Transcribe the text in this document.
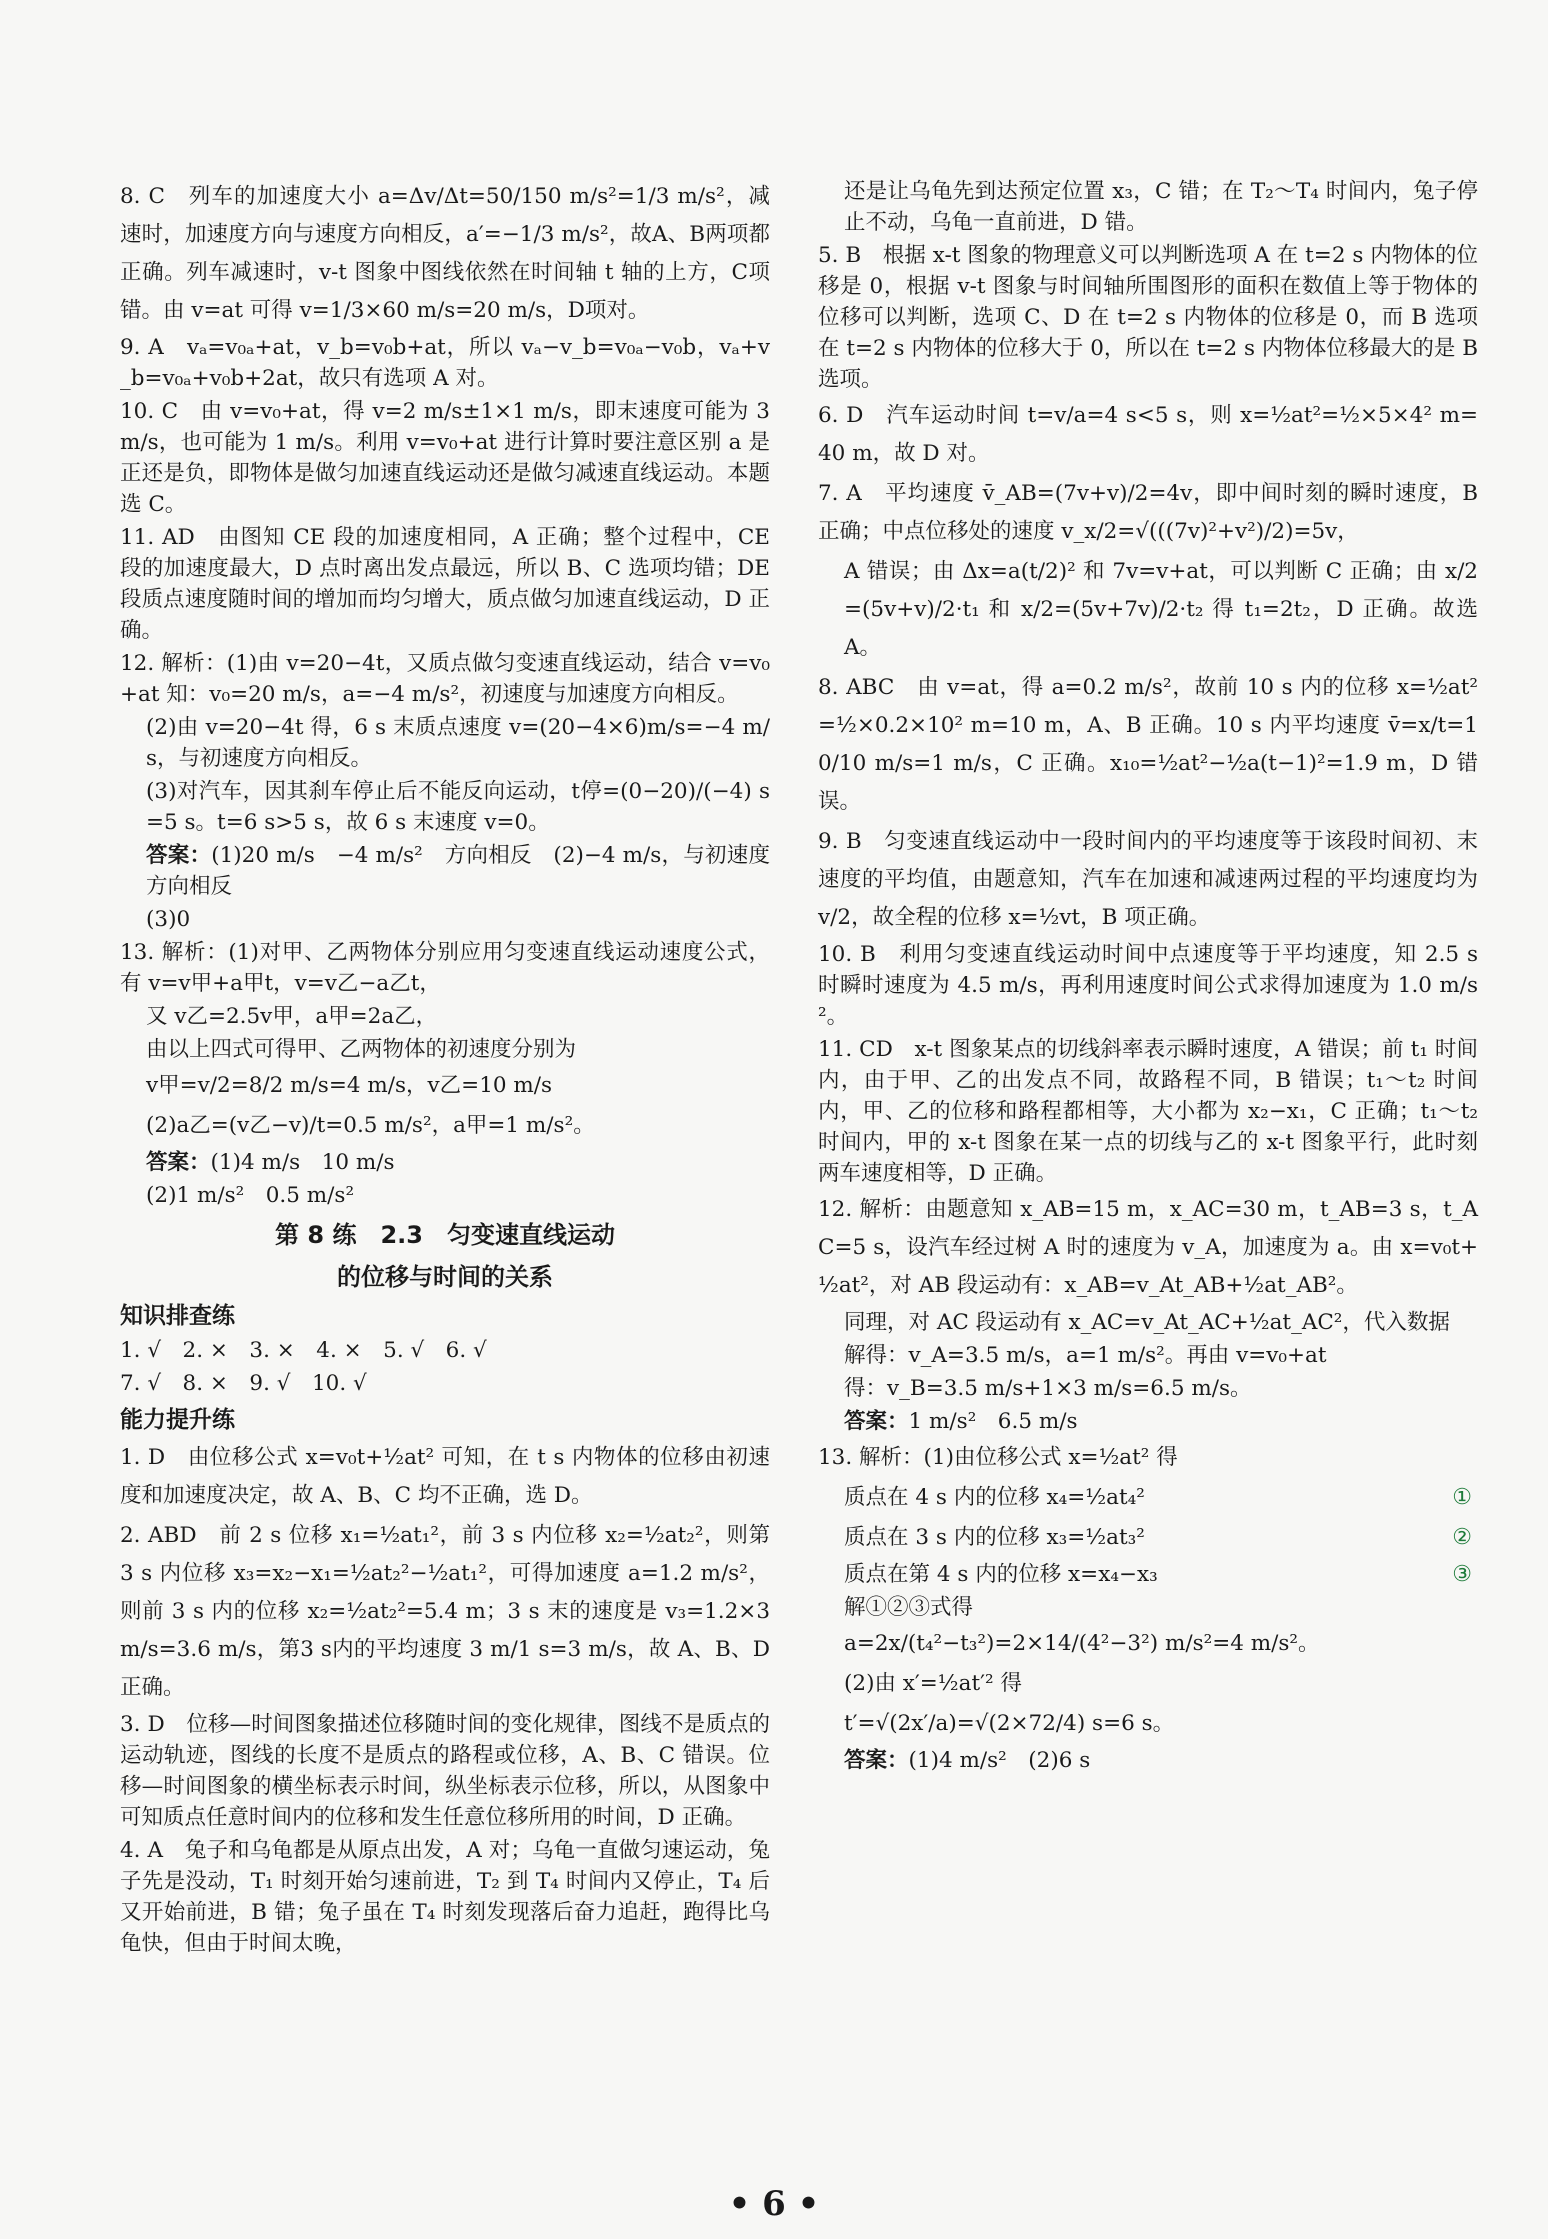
8. C　列车的加速度大小 a=Δv/Δt=50/150 m/s²=1/3 m/s²，减速时，加速度方向与速度方向相反，a′=−1/3 m/s²，故A、B两项都正确。列车减速时，v-t 图象中图线依然在时间轴 t 轴的上方，C项错。由 v=at 可得 v=1/3×60 m/s=20 m/s，D项对。

9. A　vₐ=v₀ₐ+at，v_b=v₀b+at，所以 vₐ−v_b=v₀ₐ−v₀b，vₐ+v_b=v₀ₐ+v₀b+2at，故只有选项 A 对。

10. C　由 v=v₀+at，得 v=2 m/s±1×1 m/s，即末速度可能为 3 m/s，也可能为 1 m/s。利用 v=v₀+at 进行计算时要注意区别 a 是正还是负，即物体是做匀加速直线运动还是做匀减速直线运动。本题选 C。

11. AD　由图知 CE 段的加速度相同，A 正确；整个过程中，CE 段的加速度最大，D 点时离出发点最远，所以 B、C 选项均错；DE 段质点速度随时间的增加而均匀增大，质点做匀加速直线运动，D 正确。

12. 解析：(1)由 v=20−4t，又质点做匀变速直线运动，结合 v=v₀+at 知：v₀=20 m/s，a=−4 m/s²，初速度与加速度方向相反。

(2)由 v=20−4t 得，6 s 末质点速度 v=(20−4×6)m/s=−4 m/s，与初速度方向相反。

(3)对汽车，因其刹车停止后不能反向运动，t停=(0−20)/(−4) s=5 s。t=6 s>5 s，故 6 s 末速度 v=0。

答案：(1)20 m/s　−4 m/s²　方向相反　(2)−4 m/s，与初速度方向相反

(3)0

13. 解析：(1)对甲、乙两物体分别应用匀变速直线运动速度公式，有 v=v甲+a甲t，v=v乙−a乙t，

又 v乙=2.5v甲，a甲=2a乙，

由以上四式可得甲、乙两物体的初速度分别为

v甲=v/2=8/2 m/s=4 m/s，v乙=10 m/s

(2)a乙=(v乙−v)/t=0.5 m/s²，a甲=1 m/s²。

答案：(1)4 m/s　10 m/s

(2)1 m/s²　0.5 m/s²

第 8 练　2.3　匀变速直线运动
的位移与时间的关系
知识排查练

1. √　2. ×　3. ×　4. ×　5. √　6. √

7. √　8. ×　9. √　10. √

能力提升练

1. D　由位移公式 x=v₀t+½at² 可知，在 t s 内物体的位移由初速度和加速度决定，故 A、B、C 均不正确，选 D。

2. ABD　前 2 s 位移 x₁=½at₁²，前 3 s 内位移 x₂=½at₂²，则第 3 s 内位移 x₃=x₂−x₁=½at₂²−½at₁²，可得加速度 a=1.2 m/s²，则前 3 s 内的位移 x₂=½at₂²=5.4 m；3 s 末的速度是 v₃=1.2×3 m/s=3.6 m/s，第3 s内的平均速度 3 m/1 s=3 m/s，故 A、B、D 正确。

3. D　位移—时间图象描述位移随时间的变化规律，图线不是质点的运动轨迹，图线的长度不是质点的路程或位移，A、B、C 错误。位移—时间图象的横坐标表示时间，纵坐标表示位移，所以，从图象中可知质点任意时间内的位移和发生任意位移所用的时间，D 正确。

4. A　兔子和乌龟都是从原点出发，A 对；乌龟一直做匀速运动，兔子先是没动，T₁ 时刻开始匀速前进，T₂ 到 T₄ 时间内又停止，T₄ 后又开始前进，B 错；兔子虽在 T₄ 时刻发现落后奋力追赶，跑得比乌龟快，但由于时间太晚，

还是让乌龟先到达预定位置 x₃，C 错；在 T₂～T₄ 时间内，兔子停止不动，乌龟一直前进，D 错。

5. B　根据 x-t 图象的物理意义可以判断选项 A 在 t=2 s 内物体的位移是 0，根据 v-t 图象与时间轴所围图形的面积在数值上等于物体的位移可以判断，选项 C、D 在 t=2 s 内物体的位移是 0，而 B 选项在 t=2 s 内物体的位移大于 0，所以在 t=2 s 内物体位移最大的是 B 选项。

6. D　汽车运动时间 t=v/a=4 s<5 s，则 x=½at²=½×5×4² m=40 m，故 D 对。

7. A　平均速度 v̄_AB=(7v+v)/2=4v，即中间时刻的瞬时速度，B 正确；中点位移处的速度 v_x/2=√(((7v)²+v²)/2)=5v，

A 错误；由 Δx=a(t/2)² 和 7v=v+at，可以判断 C 正确；由 x/2=(5v+v)/2·t₁ 和 x/2=(5v+7v)/2·t₂ 得 t₁=2t₂，D 正确。故选 A。

8. ABC　由 v=at，得 a=0.2 m/s²，故前 10 s 内的位移 x=½at²=½×0.2×10² m=10 m，A、B 正确。10 s 内平均速度 v̄=x/t=10/10 m/s=1 m/s，C 正确。x₁₀=½at²−½a(t−1)²=1.9 m，D 错误。

9. B　匀变速直线运动中一段时间内的平均速度等于该段时间初、末速度的平均值，由题意知，汽车在加速和减速两过程的平均速度均为 v/2，故全程的位移 x=½vt，B 项正确。

10. B　利用匀变速直线运动时间中点速度等于平均速度，知 2.5 s 时瞬时速度为 4.5 m/s，再利用速度时间公式求得加速度为 1.0 m/s²。

11. CD　x-t 图象某点的切线斜率表示瞬时速度，A 错误；前 t₁ 时间内，由于甲、乙的出发点不同，故路程不同，B 错误；t₁～t₂ 时间内，甲、乙的位移和路程都相等，大小都为 x₂−x₁，C 正确；t₁～t₂ 时间内，甲的 x-t 图象在某一点的切线与乙的 x-t 图象平行，此时刻两车速度相等，D 正确。

12. 解析：由题意知 x_AB=15 m，x_AC=30 m，t_AB=3 s，t_AC=5 s，设汽车经过树 A 时的速度为 v_A，加速度为 a。由 x=v₀t+½at²，对 AB 段运动有：x_AB=v_At_AB+½at_AB²。

同理，对 AC 段运动有 x_AC=v_At_AC+½at_AC²，代入数据

解得：v_A=3.5 m/s，a=1 m/s²。再由 v=v₀+at

得：v_B=3.5 m/s+1×3 m/s=6.5 m/s。

答案：1 m/s²　6.5 m/s

13. 解析：(1)由位移公式 x=½at² 得

①
质点在 4 s 内的位移 x₄=½at₄²

②
质点在 3 s 内的位移 x₃=½at₃²

③
质点在第 4 s 内的位移 x=x₄−x₃

解①②③式得

a=2x/(t₄²−t₃²)=2×14/(4²−3²) m/s²=4 m/s²。

(2)由 x′=½at′² 得

t′=√(2x′/a)=√(2×72/4) s=6 s。

答案：(1)4 m/s²　(2)6 s

• 6 •
